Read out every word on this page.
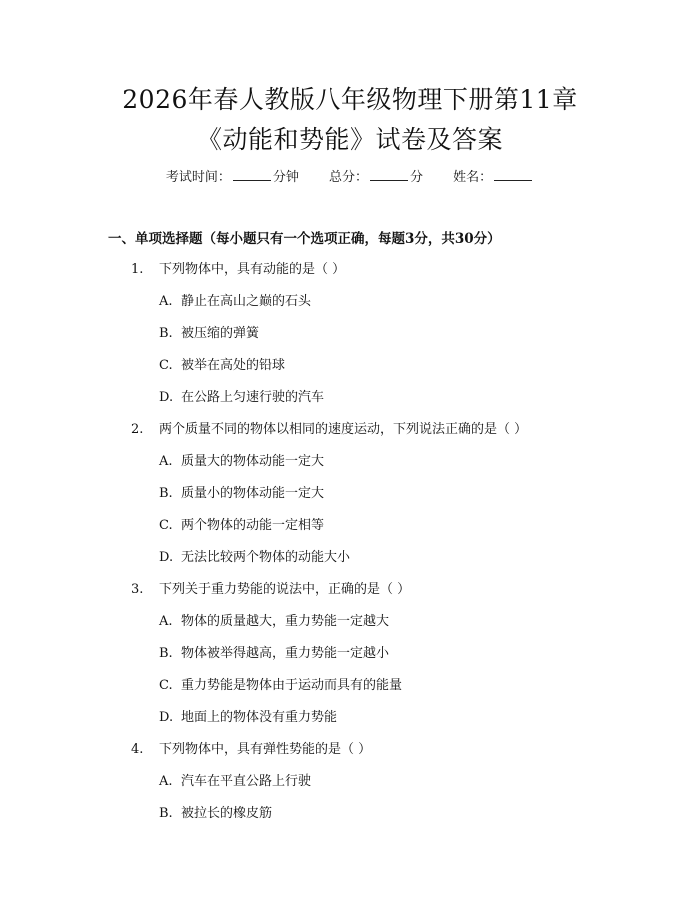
2026年春人教版八年级物理下册第11章
《动能和势能》试卷及答案
考试时间：	分钟 总分：	分 姓名：
一、单项选择题（每小题只有一个选项正确，每题3分，共30分）
1. 下列物体中，具有动能的是（ ）
A. 静止在高山之巅的石头
B. 被压缩的弹簧
C. 被举在高处的铅球
D. 在公路上匀速行驶的汽车
2. 两个质量不同的物体以相同的速度运动，下列说法正确的是（ ）
A. 质量大的物体动能一定大
B. 质量小的物体动能一定大
C. 两个物体的动能一定相等
D. 无法比较两个物体的动能大小
3. 下列关于重力势能的说法中，正确的是（ ）
A. 物体的质量越大，重力势能一定越大
B. 物体被举得越高，重力势能一定越小
C. 重力势能是物体由于运动而具有的能量
D. 地面上的物体没有重力势能
4. 下列物体中，具有弹性势能的是（ ）
A. 汽车在平直公路上行驶
B. 被拉长的橡皮筋
